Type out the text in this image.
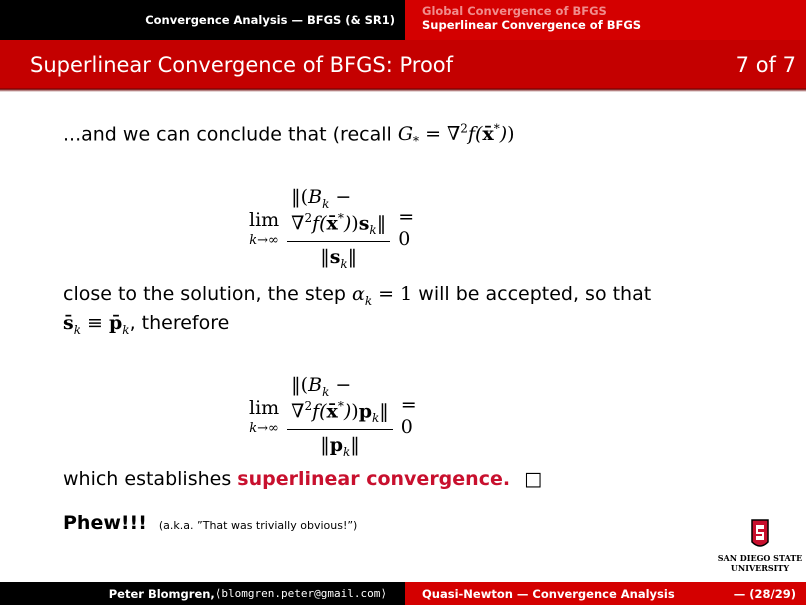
Convergence Analysis — BFGS (& SR1)
Global Convergence of BFGS
Superlinear Convergence of BFGS
Superlinear Convergence of BFGS: Proof	7 of 7
...and we can conclude that (recall $G_*$ = ∇$^2$f(x̄*))
lim
$k\to\infty \frac{‖(B_k - \nabla^2f(x̄^*))s_k‖}{‖s_k‖} = 0$
close to the solution, the step $\alpha_k = 1$ will be accepted, so that
$s̄_k$ ≡ $p̄_k$, therefore
lim
$k\to\infty \frac{‖(B_k - \nabla^2f(x̄^*))p_k‖}{‖p_k‖} = 0$
which establishes superlinear convergence. □
Phew!!! (a.k.a. ”That was trivially obvious!”)
SAN DIEGO STATE
UNIVERSITY
Peter Blomgren, ⟨blomgren.peter@gmail.com⟩	Quasi-Newton — Convergence Analysis	— (28/29)
